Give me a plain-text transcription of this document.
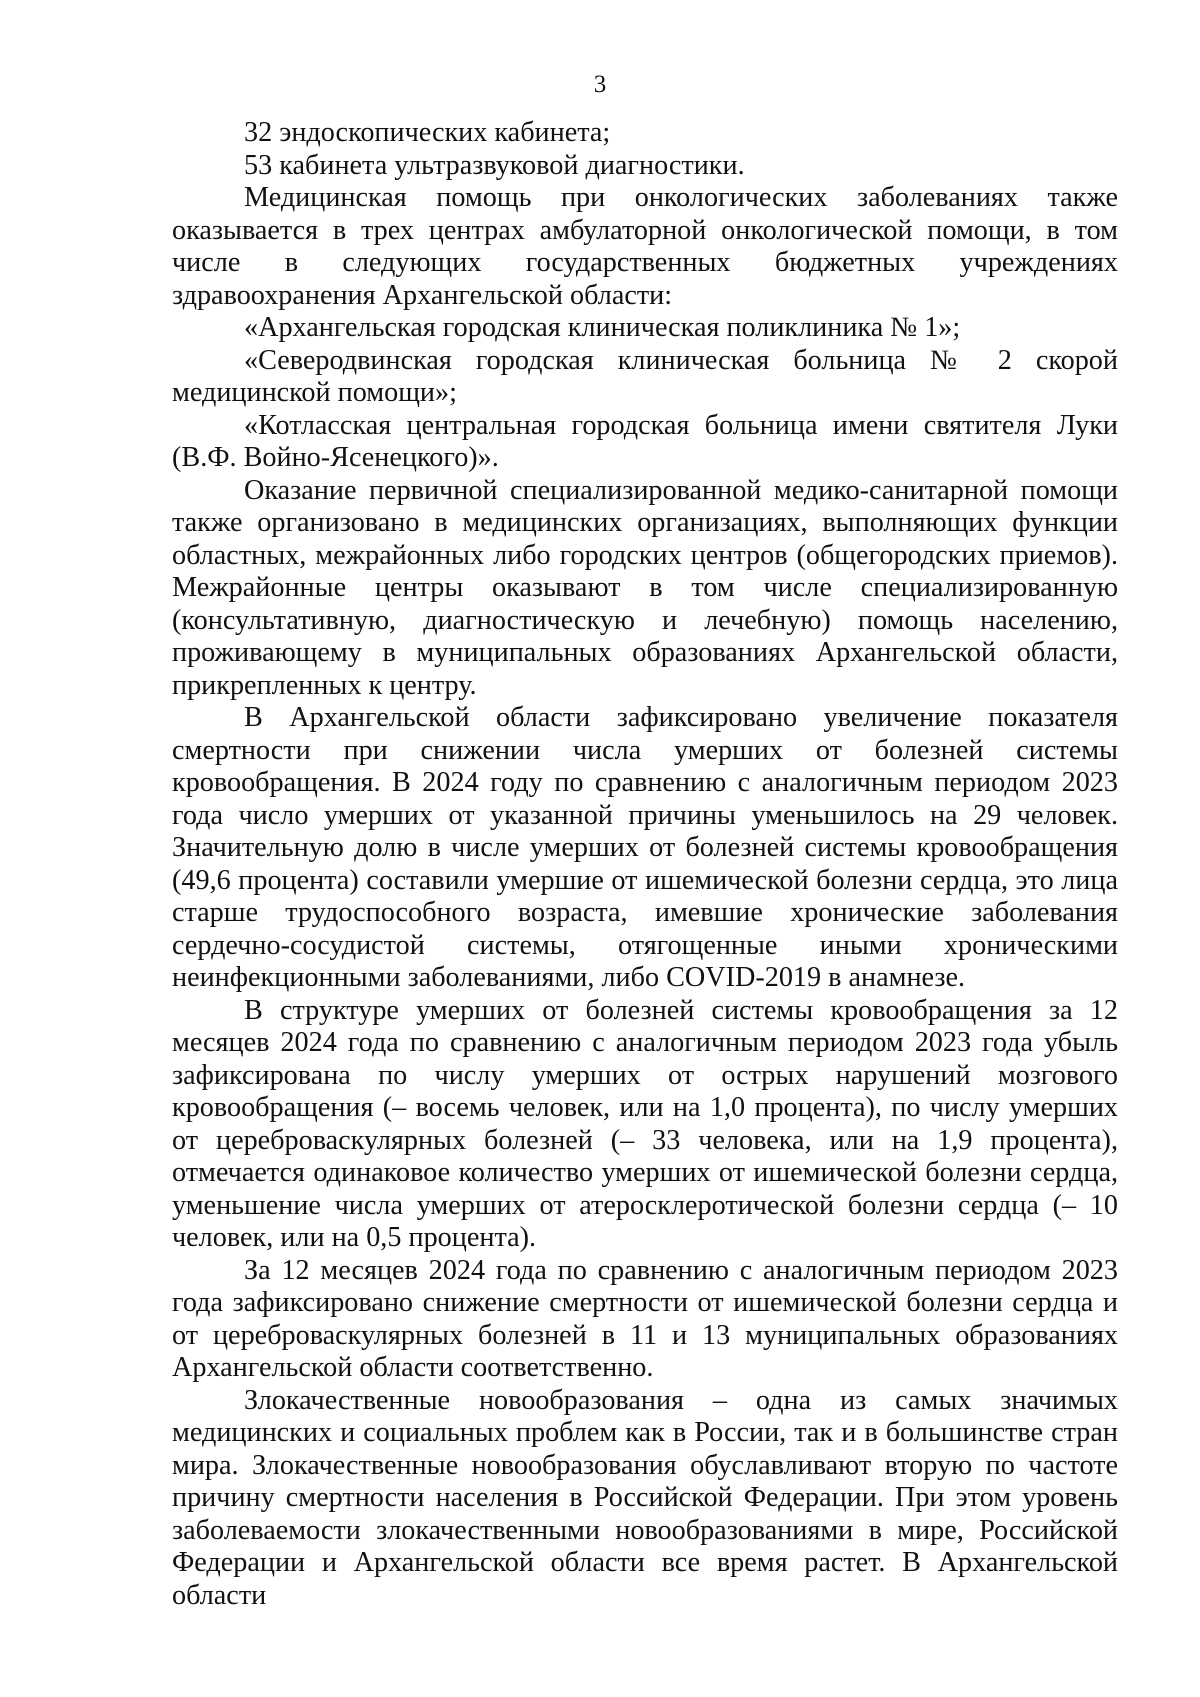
3

32 эндоскопических кабинета;

53 кабинета ультразвуковой диагностики.

Медицинская помощь при онкологических заболеваниях также оказывается в трех центрах амбулаторной онкологической помощи, в том числе в следующих государственных бюджетных учреждениях здравоохранения Архангельской области:

«Архангельская городская клиническая поликлиника № 1»;

«Северодвинская городская клиническая больница № 2 скорой медицинской помощи»;

«Котласская центральная городская больница имени святителя Луки (В.Ф. Войно-Ясенецкого)».

Оказание первичной специализированной медико-санитарной помощи также организовано в медицинских организациях, выполняющих функции областных, межрайонных либо городских центров (общегородских приемов). Межрайонные центры оказывают в том числе специализированную (консультативную, диагностическую и лечебную) помощь населению, проживающему в муниципальных образованиях Архангельской области, прикрепленных к центру.

В Архангельской области зафиксировано увеличение показателя смертности при снижении числа умерших от болезней системы кровообращения. В 2024 году по сравнению с аналогичным периодом 2023 года число умерших от указанной причины уменьшилось на 29 человек. Значительную долю в числе умерших от болезней системы кровообращения (49,6 процента) составили умершие от ишемической болезни сердца, это лица старше трудоспособного возраста, имевшие хронические заболевания сердечно-сосудистой системы, отягощенные иными хроническими неинфекционными заболеваниями, либо COVID-2019 в анамнезе.

В структуре умерших от болезней системы кровообращения за 12 месяцев 2024 года по сравнению с аналогичным периодом 2023 года убыль зафиксирована по числу умерших от острых нарушений мозгового кровообращения (– восемь человек, или на 1,0 процента), по числу умерших от цереброваскулярных болезней (– 33 человека, или на 1,9 процента), отмечается одинаковое количество умерших от ишемической болезни сердца, уменьшение числа умерших от атеросклеротической болезни сердца (– 10 человек, или на 0,5 процента).

За 12 месяцев 2024 года по сравнению с аналогичным периодом 2023 года зафиксировано снижение смертности от ишемической болезни сердца и от цереброваскулярных болезней в 11 и 13 муниципальных образованиях Архангельской области соответственно.

Злокачественные новообразования – одна из самых значимых медицинских и социальных проблем как в России, так и в большинстве стран мира. Злокачественные новообразования обуславливают вторую по частоте причину смертности населения в Российской Федерации. При этом уровень заболеваемости злокачественными новообразованиями в мире, Российской Федерации и Архангельской области все время растет. В Архангельской области
